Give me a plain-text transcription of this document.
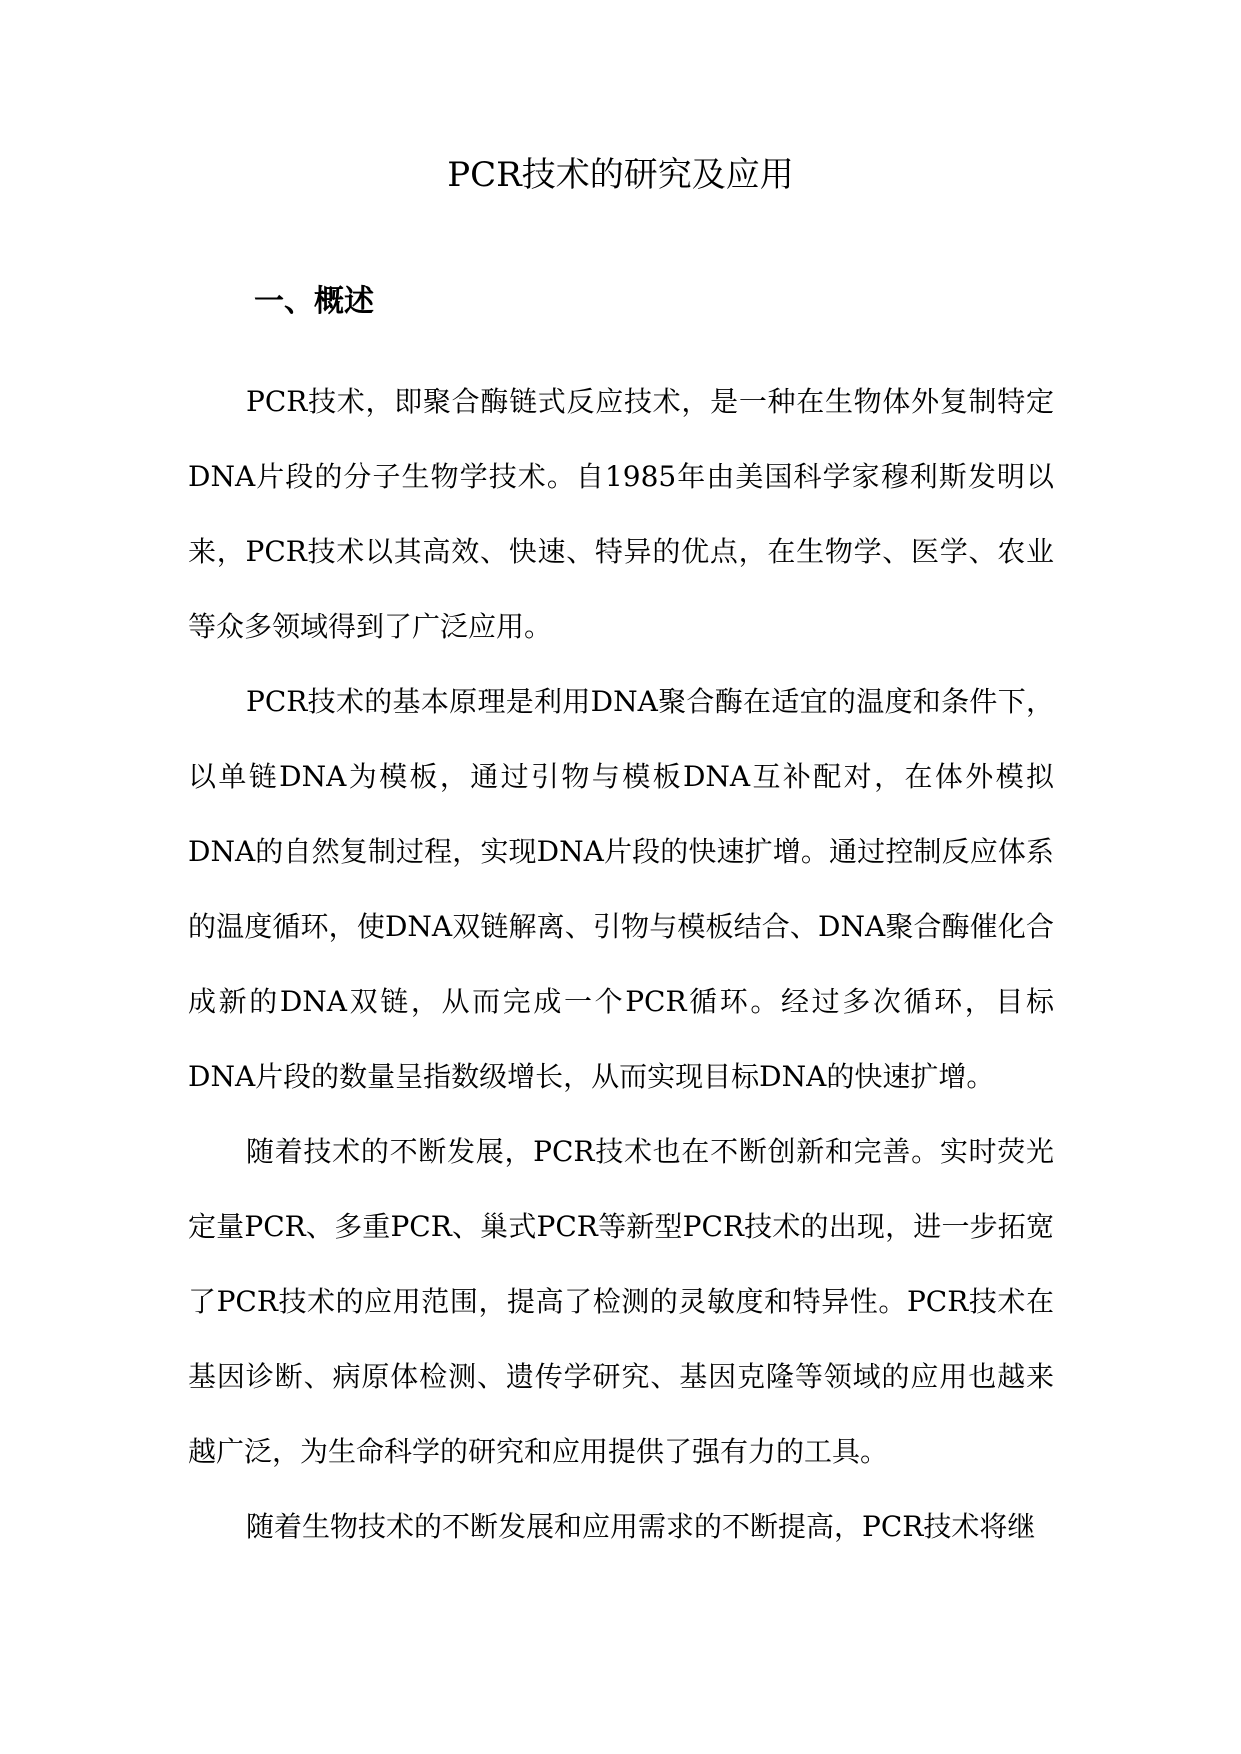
PCR技术的研究及应用
一、概述

PCR技术，即聚合酶链式反应技术，是一种在生物体外复制特定DNA片段的分子生物学技术。自1985年由美国科学家穆利斯发明以来，PCR技术以其高效、快速、特异的优点，在生物学、医学、农业等众多领域得到了广泛应用。

PCR技术的基本原理是利用DNA聚合酶在适宜的温度和条件下，以单链DNA为模板，通过引物与模板DNA互补配对，在体外模拟DNA的自然复制过程，实现DNA片段的快速扩增。通过控制反应体系的温度循环，使DNA双链解离、引物与模板结合、DNA聚合酶催化合成新的DNA双链，从而完成一个PCR循环。经过多次循环，目标DNA片段的数量呈指数级增长，从而实现目标DNA的快速扩增。

随着技术的不断发展，PCR技术也在不断创新和完善。实时荧光定量PCR、多重PCR、巢式PCR等新型PCR技术的出现，进一步拓宽了PCR技术的应用范围，提高了检测的灵敏度和特异性。PCR技术在基因诊断、病原体检测、遗传学研究、基因克隆等领域的应用也越来越广泛，为生命科学的研究和应用提供了强有力的工具。

随着生物技术的不断发展和应用需求的不断提高，PCR技术将继
